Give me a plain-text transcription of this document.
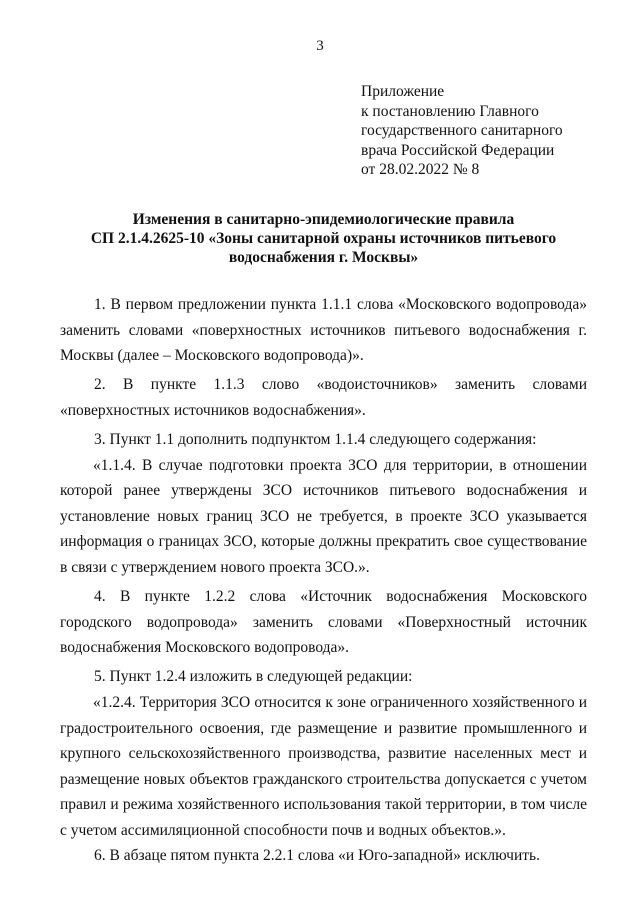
3
Приложение
к постановлению Главного
государственного санитарного
врача Российской Федерации
от 28.02.2022 № 8
Изменения в санитарно-эпидемиологические правила
СП 2.1.4.2625-10 «Зоны санитарной охраны источников питьевого
водоснабжения г. Москвы»

1. В первом предложении пункта 1.1.1 слова «Московского водопровода» заменить словами «поверхностных источников питьевого водоснабжения г. Москвы (далее – Московского водопровода)».

2. В пункте 1.1.3 слово «водоисточников» заменить словами «поверхностных источников водоснабжения».

3. Пункт 1.1 дополнить подпунктом 1.1.4 следующего содержания:

«1.1.4. В случае подготовки проекта ЗСО для территории, в отношении которой ранее утверждены ЗСО источников питьевого водоснабжения и установление новых границ ЗСО не требуется, в проекте ЗСО указывается информация о границах ЗСО, которые должны прекратить свое существование в связи с утверждением нового проекта ЗСО.».

4. В пункте 1.2.2 слова «Источник водоснабжения Московского городского водопровода» заменить словами «Поверхностный источник водоснабжения Московского водопровода».

5. Пункт 1.2.4 изложить в следующей редакции:

«1.2.4. Территория ЗСО относится к зоне ограниченного хозяйственного и градостроительного освоения, где размещение и развитие промышленного и крупного сельскохозяйственного производства, развитие населенных мест и размещение новых объектов гражданского строительства допускается с учетом правил и режима хозяйственного использования такой территории, в том числе с учетом ассимиляционной способности почв и водных объектов.».

6. В абзаце пятом пункта 2.2.1 слова «и Юго-западной» исключить.
